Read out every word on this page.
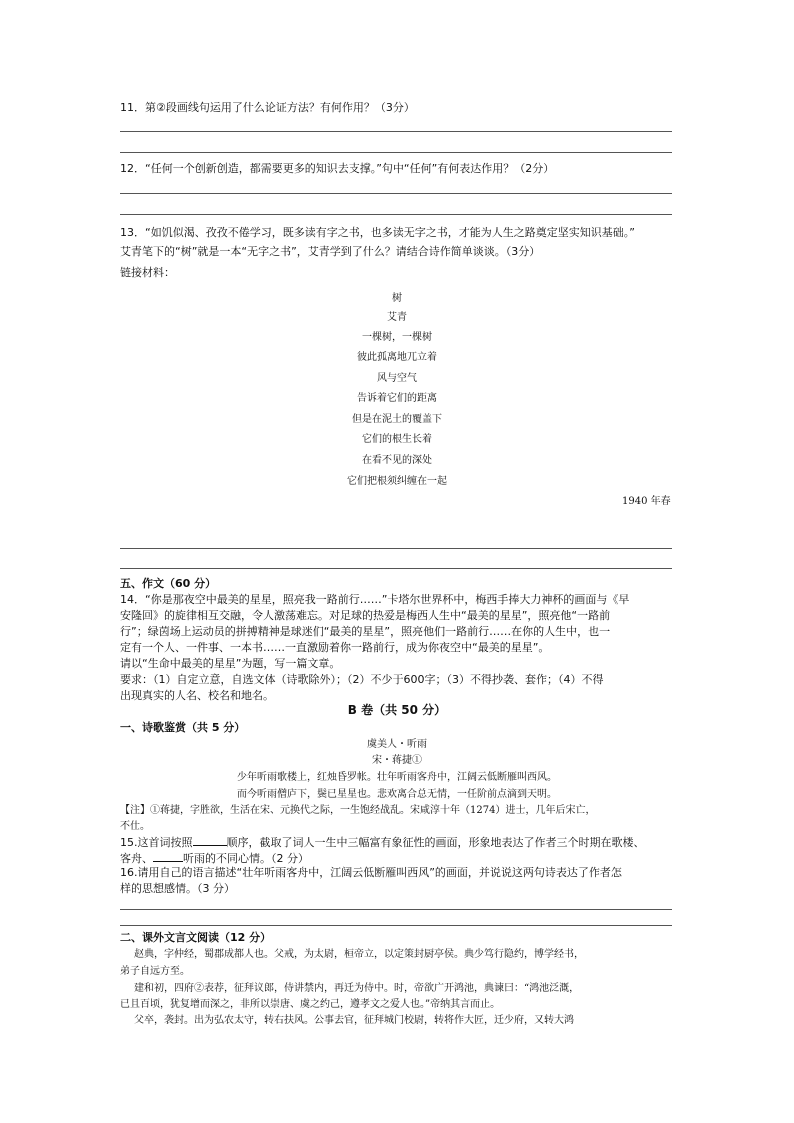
11．第②段画线句运用了什么论证方法？有何作用？（3分）
12．“任何一个创新创造，都需要更多的知识去支撑。”句中“任何”有何表达作用？（2分）
13．“如饥似渴、孜孜不倦学习，既多读有字之书，也多读无字之书，才能为人生之路奠定坚实知识基础。”
艾青笔下的“树”就是一本“无字之书”，艾青学到了什么？请结合诗作简单谈谈。（3分）
链接材料：
树
艾青
一棵树，一棵树
彼此孤离地兀立着
风与空气
告诉着它们的距离
但是在泥土的覆盖下
它们的根生长着
在看不见的深处
它们把根须纠缠在一起
1940 年春
五、作文（60 分）
14．“你是那夜空中最美的星星，照亮我一路前行……”卡塔尔世界杯中，梅西手捧大力神杯的画面与《早
安隆回》的旋律相互交融，令人激荡难忘。对足球的热爱是梅西人生中“最美的星星”，照亮他“一路前
行”；绿茵场上运动员的拼搏精神是球迷们“最美的星星”，照亮他们一路前行……在你的人生中，也一
定有一个人、一件事、一本书……一直激励着你一路前行，成为你夜空中“最美的星星”。
请以“生命中最美的星星”为题，写一篇文章。
要求：（1）自定立意，自选文体（诗歌除外）；（2）不少于600字；（3）不得抄袭、套作；（4）不得
出现真实的人名、校名和地名。
B 卷（共 50 分）
一、诗歌鉴赏（共 5 分）
虞美人・听雨
宋・蒋捷①
少年听雨歌楼上，红烛昏罗帐。壮年听雨客舟中，江阔云低断雁叫西风。
而今听雨僧庐下，鬓已星星也。悲欢离合总无情，一任阶前点滴到天明。
【注】①蒋捷，字胜欲，生活在宋、元换代之际，一生饱经战乱。宋咸淳十年（1274）进士，几年后宋亡，
不仕。
15.这首词按照	顺序，截取了词人一生中三幅富有象征性的画面，形象地表达了作者三个时期在歌楼、
客舟、	听雨的不同心情。（2 分）
16.请用自己的语言描述“壮年听雨客舟中，江阔云低断雁叫西风”的画面，并说说这两句诗表达了作者怎
样的思想感情。（3 分）
二、课外文言文阅读（12 分）
赵典，字仲经，蜀郡成都人也。父戒，为太尉，桓帝立，以定策封厨亭侯。典少笃行隐约，博学经书，
弟子自远方至。
建和初，四府②表荐，征拜议郎，侍讲禁内，再迁为侍中。时，帝欲广开鸿池，典谏曰：“鸿池泛溉，
已且百顷，犹复增而深之，非所以崇唐、虞之约己，遵孝文之爱人也。”帝纳其言而止。
父卒，袭封。出为弘农太守，转右扶风。公事去官，征拜城门校尉，转将作大匠，迁少府，又转大鸿
